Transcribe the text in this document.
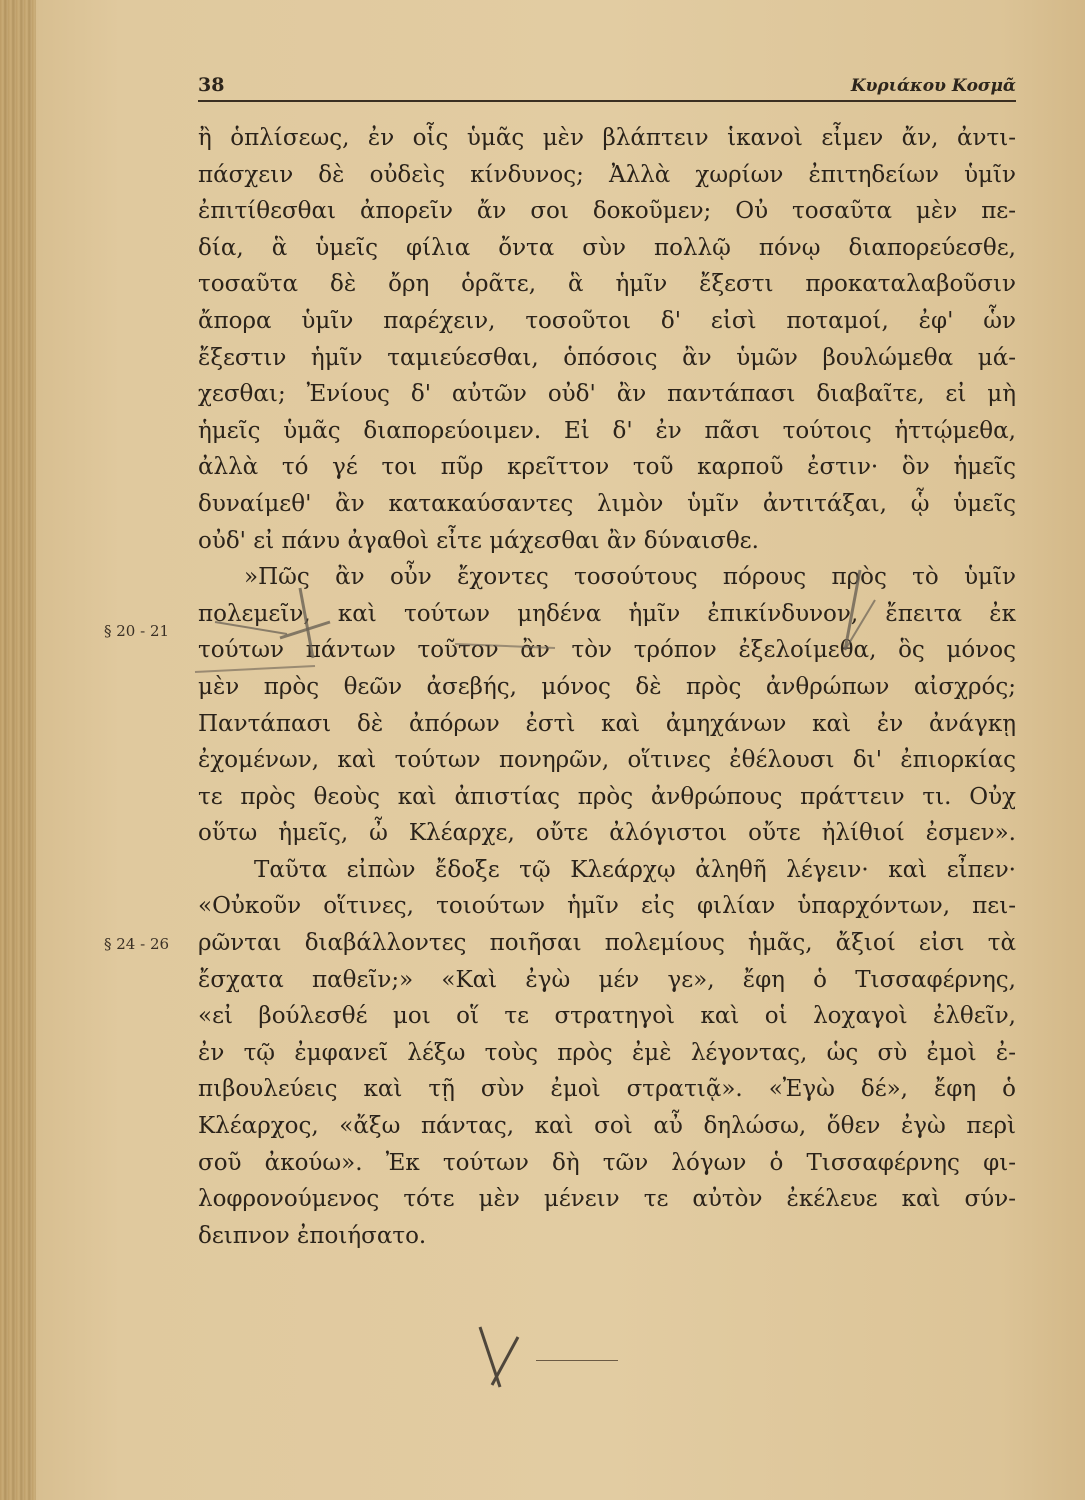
38	Κυριάκου Κοσμᾶ
§ 20 - 21
§ 24 - 26
ἢ ὁπλίσεως, ἐν οἷς ὑμᾶς μὲν βλάπτειν ἱκανοὶ εἶμεν ἄν, ἀντι-
πάσχειν δὲ οὐδεὶς κίνδυνος; Ἀλλὰ χωρίων ἐπιτηδείων ὑμῖν
ἐπιτίθεσθαι ἀπορεῖν ἄν σοι δοκοῦμεν; Οὐ τοσαῦτα μὲν πε-
δία, ἃ ὑμεῖς φίλια ὄντα σὺν πολλῷ πόνῳ διαπορεύεσθε,
τοσαῦτα δὲ ὄρη ὁρᾶτε, ἃ ἡμῖν ἔξεστι προκαταλαβοῦσιν
ἄπορα ὑμῖν παρέχειν, τοσοῦτοι δ' εἰσὶ ποταμοί, ἐφ' ὧν
ἔξεστιν ἡμῖν ταμιεύεσθαι, ὁπόσοις ἂν ὑμῶν βουλώμεθα μά-
χεσθαι; Ἐνίους δ' αὐτῶν οὐδ' ἂν παντάπασι διαβαῖτε, εἰ μὴ
ἡμεῖς ὑμᾶς διαπορεύοιμεν. Εἰ δ' ἐν πᾶσι τούτοις ἡττῴμεθα,
ἀλλὰ τό γέ τοι πῦρ κρεῖττον τοῦ καρποῦ ἐστιν· ὃν ἡμεῖς
δυναίμεθ' ἂν κατακαύσαντες λιμὸν ὑμῖν ἀντιτάξαι, ᾧ ὑμεῖς
οὐδ' εἰ πάνυ ἀγαθοὶ εἶτε μάχεσθαι ἂν δύναισθε.
»Πῶς ἂν οὖν ἔχοντες τοσούτους πόρους πρὸς τὸ ὑμῖν
πολεμεῖν, καὶ τούτων μηδένα ἡμῖν ἐπικίνδυνον, ἔπειτα ἐκ
τούτων πάντων τοῦτον ἂν τὸν τρόπον ἐξελοίμεθα, ὃς μόνος
μὲν πρὸς θεῶν ἀσεβής, μόνος δὲ πρὸς ἀνθρώπων αἰσχρός;
Παντάπασι δὲ ἀπόρων ἐστὶ καὶ ἀμηχάνων καὶ ἐν ἀνάγκῃ
ἐχομένων, καὶ τούτων πονηρῶν, οἵτινες ἐθέλουσι δι' ἐπιορκίας
τε πρὸς θεοὺς καὶ ἀπιστίας πρὸς ἀνθρώπους πράττειν τι. Οὐχ
οὕτω ἡμεῖς, ὦ Κλέαρχε, οὔτε ἀλόγιστοι οὔτε ἠλίθιοί ἐσμεν».
Ταῦτα εἰπὼν ἔδοξε τῷ Κλεάρχῳ ἀληθῆ λέγειν· καὶ εἶπεν·
«Οὐκοῦν οἵτινες, τοιούτων ἡμῖν εἰς φιλίαν ὑπαρχόντων, πει-
ρῶνται διαβάλλοντες ποιῆσαι πολεμίους ἡμᾶς, ἄξιοί εἰσι τὰ
ἔσχατα παθεῖν;» «Καὶ ἐγὼ μέν γε», ἔφη ὁ Τισσαφέρνης,
«εἰ βούλεσθέ μοι οἵ τε στρατηγοὶ καὶ οἱ λοχαγοὶ ἐλθεῖν,
ἐν τῷ ἐμφανεῖ λέξω τοὺς πρὸς ἐμὲ λέγοντας, ὡς σὺ ἐμοὶ ἐ-
πιβουλεύεις καὶ τῇ σὺν ἐμοὶ στρατιᾷ». «Ἐγὼ δέ», ἔφη ὁ
Κλέαρχος, «ἄξω πάντας, καὶ σοὶ αὖ δηλώσω, ὅθεν ἐγὼ περὶ
σοῦ ἀκούω». Ἐκ τούτων δὴ τῶν λόγων ὁ Τισσαφέρνης φι-
λοφρονούμενος τότε μὲν μένειν τε αὐτὸν ἐκέλευε καὶ σύν-
δειπνον ἐποιήσατο.
